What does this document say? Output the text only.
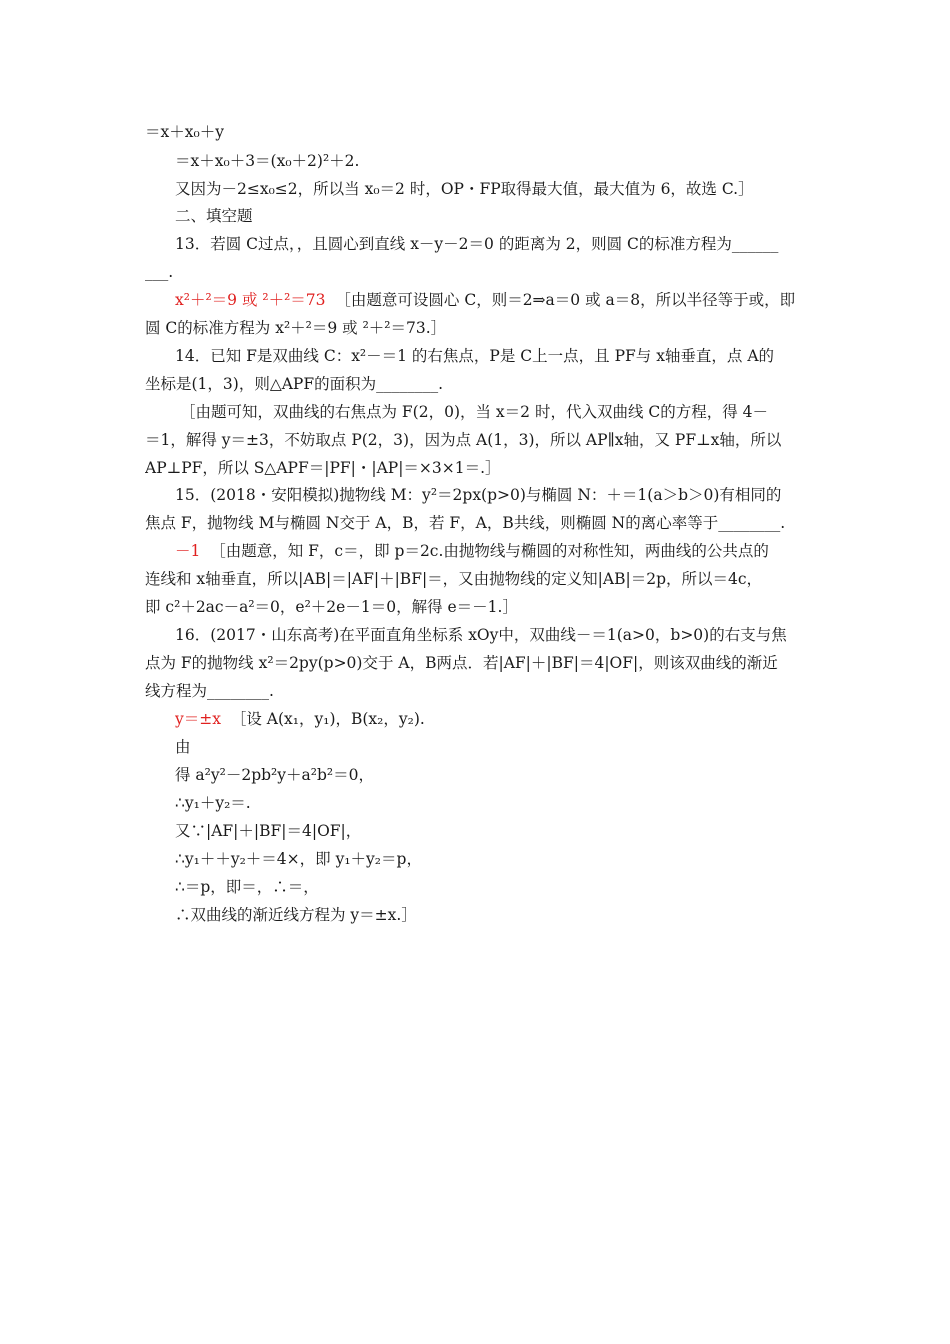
＝x＋x₀＋y
＝x＋x₀＋3＝(x₀＋2)²＋2.
又因为－2≤x₀≤2，所以当 x₀＝2 时，OP・FP取得最大值，最大值为 6，故选 C.］
二、填空题
13．若圆 C过点，，且圆心到直线 x－y－2＝0 的距离为 2，则圆 C的标准方程为______
___.
x²＋²＝9 或 ²＋²＝73 ［由题意可设圆心 C，则＝2⇒a＝0 或 a＝8，所以半径等于或，即
圆 C的标准方程为 x²＋²＝9 或 ²＋²＝73.］
14．已知 F是双曲线 C：x²－＝1 的右焦点，P是 C上一点，且 PF与 x轴垂直，点 A的
坐标是(1，3)，则△APF的面积为________.
［由题可知，双曲线的右焦点为 F(2，0)，当 x＝2 时，代入双曲线 C的方程，得 4－
＝1，解得 y＝±3，不妨取点 P(2，3)，因为点 A(1，3)，所以 AP∥x轴，又 PF⊥x轴，所以
AP⊥PF，所以 S△APF＝|PF|・|AP|＝×3×1＝.］
15．(2018・安阳模拟)抛物线 M：y²＝2px(p>0)与椭圆 N：＋＝1(a＞b＞0)有相同的
焦点 F，抛物线 M与椭圆 N交于 A，B，若 F，A，B共线，则椭圆 N的离心率等于________.
－1 ［由题意，知 F，c＝，即 p＝2c.由抛物线与椭圆的对称性知，两曲线的公共点的
连线和 x轴垂直，所以|AB|＝|AF|＋|BF|＝，又由抛物线的定义知|AB|＝2p，所以＝4c，
即 c²＋2ac－a²＝0，e²＋2e－1＝0，解得 e＝－1.］
16．(2017・山东高考)在平面直角坐标系 xOy中，双曲线－＝1(a>0，b>0)的右支与焦
点为 F的抛物线 x²＝2py(p>0)交于 A，B两点．若|AF|＋|BF|＝4|OF|，则该双曲线的渐近
线方程为________.
y＝±x ［设 A(x₁，y₁)，B(x₂，y₂).
由
得 a²y²－2pb²y＋a²b²＝0，
∴y₁＋y₂＝.
又∵|AF|＋|BF|＝4|OF|，
∴y₁＋＋y₂＋＝4×，即 y₁＋y₂＝p，
∴＝p，即＝，∴＝，
∴双曲线的渐近线方程为 y＝±x.］
